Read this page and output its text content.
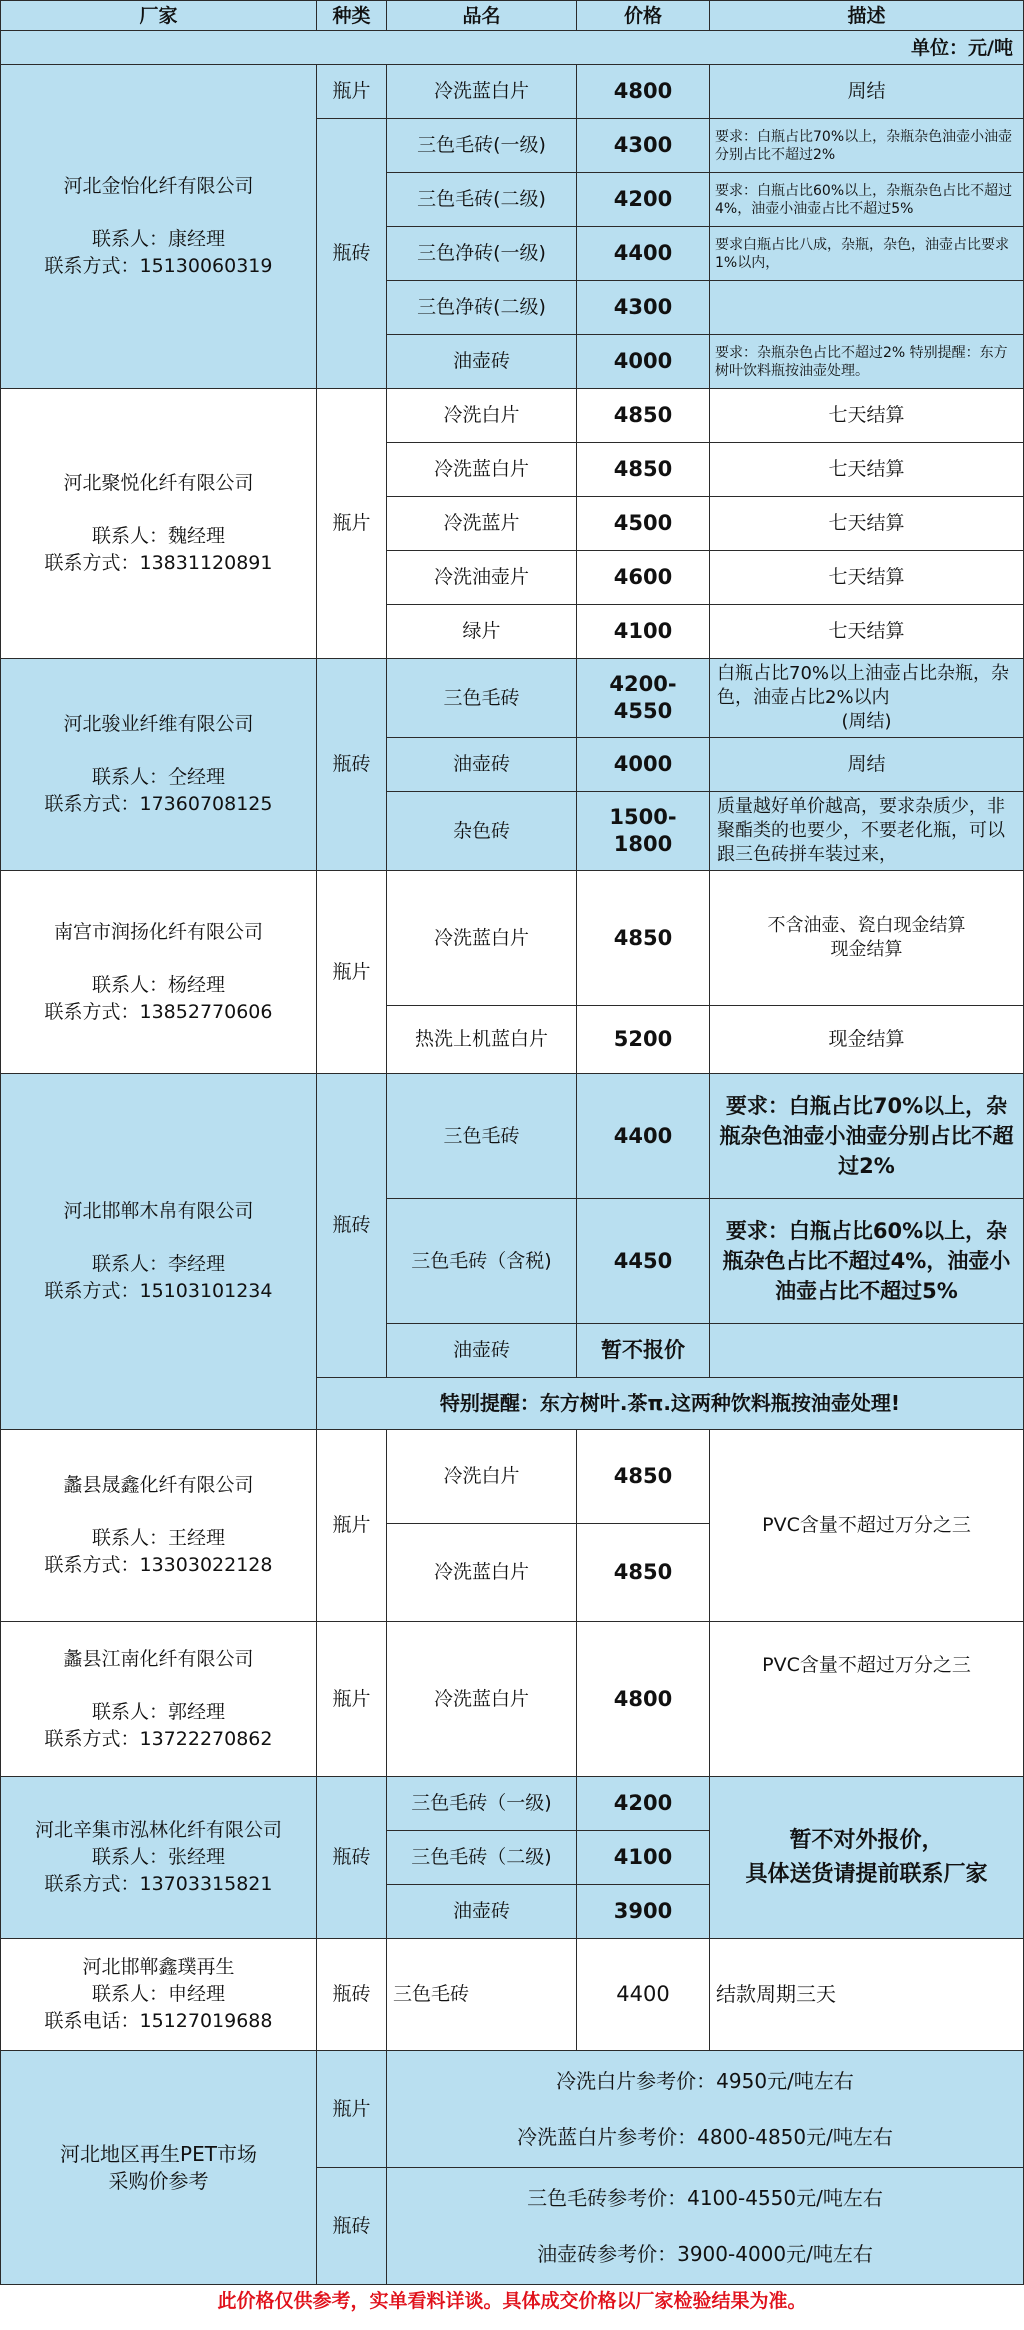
厂家	种类	品名	价格	描述
单位：元/吨				

河北金怡化纤有限公司
联系人：康经理
联系方式：15130060319	瓶片	冷洗蓝白片	4800	周结
	瓶砖	三色毛砖(一级)	4300	要求：白瓶占比70%以上，杂瓶杂色油壶小油壶分别占比不超过2%
		三色毛砖(二级)	4200	要求：白瓶占比60%以上，杂瓶杂色占比不超过4%，油壶小油壶占比不超过5%
		三色净砖(一级)	4400	要求白瓶占比八成，杂瓶，杂色，油壶占比要求1%以内，
		三色净砖(二级)	4300	
		油壶砖	4000	要求：杂瓶杂色占比不超过2% 特别提醒：东方树叶饮料瓶按油壶处理。

河北聚悦化纤有限公司
联系人：魏经理
联系方式：13831120891	瓶片	冷洗白片	4850	七天结算
		冷洗蓝白片	4850	七天结算
		冷洗蓝片	4500	七天结算
		冷洗油壶片	4600	七天结算
		绿片	4100	七天结算

河北骏业纤维有限公司
联系人：仝经理
联系方式：17360708125	瓶砖	三色毛砖	4200-4550	白瓶占比70%以上油壶占比杂瓶，杂色，油壶占比2%以内
(周结)

		油壶砖	4000	周结
		杂色砖	1500-1800	质量越好单价越高，要求杂质少，非聚酯类的也要少，不要老化瓶，可以跟三色砖拼车装过来，

南宫市润扬化纤有限公司
联系人：杨经理
联系方式：13852770606	瓶片	冷洗蓝白片	4850	不含油壶、瓷白现金结算
现金结算

		热洗上机蓝白片	5200	现金结算

河北邯郸木帛有限公司
联系人：李经理
联系方式：15103101234	瓶砖	三色毛砖	4400	要求：白瓶占比70%以上，杂瓶杂色油壶小油壶分别占比不超过2%
		三色毛砖（含税)	4450	要求：白瓶占比60%以上，杂瓶杂色占比不超过4%，油壶小油壶占比不超过5%
		油壶砖	暂不报价	
	特别提醒：东方树叶.茶π.这两种饮料瓶按油壶处理!			

蠡县晟鑫化纤有限公司
联系人：王经理
联系方式：13303022128	瓶片	冷洗白片	4850	PVC含量不超过万分之三
		冷洗蓝白片	4850	

蠡县江南化纤有限公司
联系人：郭经理
联系方式：13722270862	瓶片	冷洗蓝白片	4800	PVC含量不超过万分之三

河北辛集市泓林化纤有限公司
联系人：张经理
联系方式：13703315821	瓶砖	三色毛砖（一级)	4200	暂不对外报价，
具体送货请提前联系厂家

		三色毛砖（二级)	4100	
		油壶砖	3900	

河北邯郸鑫璞再生
联系人：申经理
联系电话：15127019688	瓶砖	三色毛砖	4400	结款周期三天

河北地区再生PET市场
采购价参考	瓶片	冷洗白片参考价：4950元/吨左右
冷洗蓝白片参考价：4800-4850元/吨左右		

	瓶砖	三色毛砖参考价：4100-4550元/吨左右
油壶砖参考价：3900-4000元/吨左右		

此价格仅供参考，实单看料详谈。具体成交价格以厂家检验结果为准。				
